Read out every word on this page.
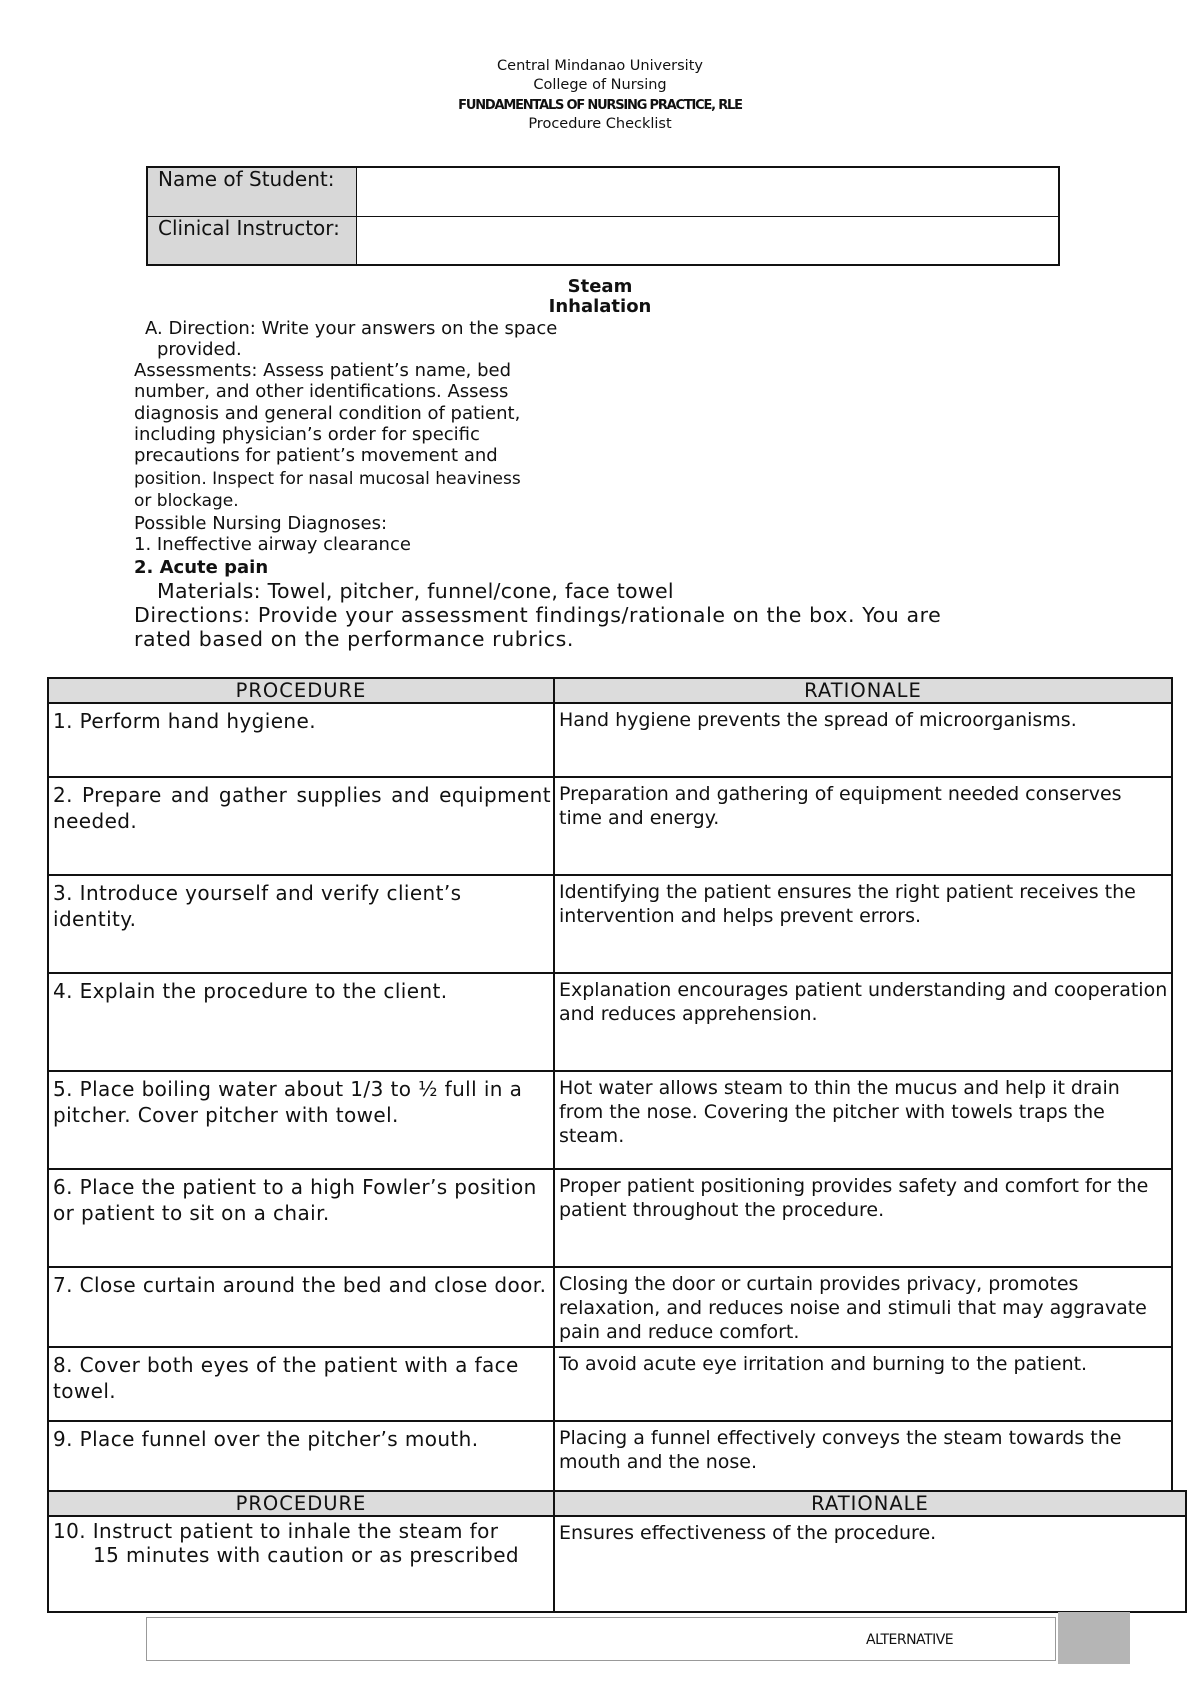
Central Mindanao University
College of Nursing
FUNDAMENTALS OF NURSING PRACTICE, RLE
Procedure Checklist
Name of Student:	
Clinical Instructor:	
Steam
Inhalation
A. Direction: Write your answers on the space
provided.
Assessments: Assess patient’s name, bed
number, and other identifications. Assess
diagnosis and general condition of patient,
including physician’s order for specific
precautions for patient’s movement and
position. Inspect for nasal mucosal heaviness
or blockage.
Possible Nursing Diagnoses:
1. Ineffective airway clearance
2. Acute pain
Materials: Towel, pitcher, funnel/cone, face towel
Directions: Provide your assessment findings/rationale on the box. You are
rated based on the performance rubrics.
PROCEDURE	RATIONALE
1. Perform hand hygiene.	Hand hygiene prevents the spread of microorganisms.
2. Prepare and gather supplies and equipment needed.	Preparation and gathering of equipment needed conserves time and energy.
3. Introduce yourself and verify client’s identity.	Identifying the patient ensures the right patient receives the intervention and helps prevent errors.
4. Explain the procedure to the client.	Explanation encourages patient understanding and cooperation and reduces apprehension.
5. Place boiling water about 1/3 to ½ full in a pitcher. Cover pitcher with towel.	Hot water allows steam to thin the mucus and help it drain from the nose. Covering the pitcher with towels traps the steam.
6. Place the patient to a high Fowler’s position or patient to sit on a chair.	Proper patient positioning provides safety and comfort for the patient throughout the procedure.
7. Close curtain around the bed and close door.	Closing the door or curtain provides privacy, promotes relaxation, and reduces noise and stimuli that may aggravate pain and reduce comfort.
8. Cover both eyes of the patient with a face towel.	To avoid acute eye irritation and burning to the patient.
9. Place funnel over the pitcher’s mouth.	Placing a funnel effectively conveys the steam towards the mouth and the nose.
PROCEDURE	RATIONALE

10. Instruct patient to inhale the steam for
15 minutes with caution or as prescribed	Ensures effectiveness of the procedure.
ALTERNATIVE
